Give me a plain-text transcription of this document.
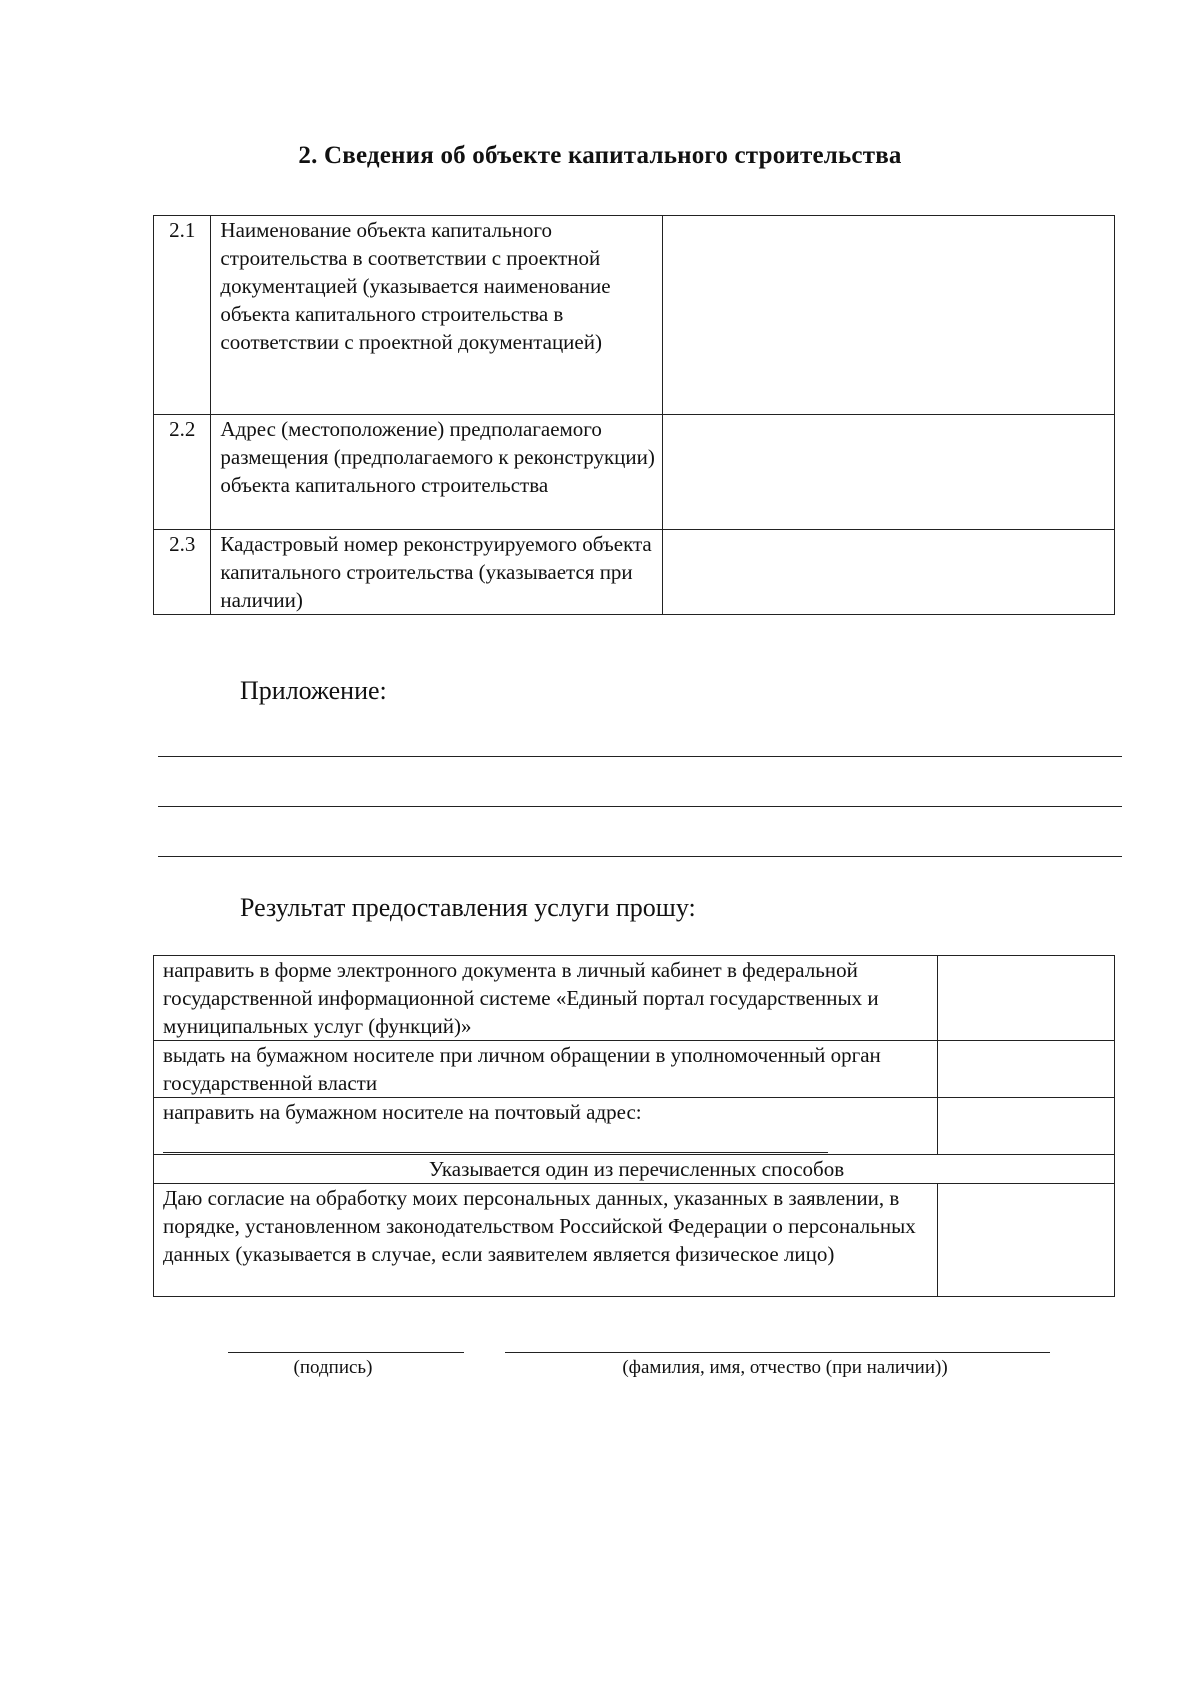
2. Сведения об объекте капитального строительства
2.1	Наименование объекта капитального строительства в соответствии с проектной документацией (указывается наименование объекта капитального строительства в соответствии с проектной документацией)	
2.2	Адрес (местоположение) предполагаемого размещения (предполагаемого к реконструкции) объекта капитального строительства	
2.3	Кадастровый номер реконструируемого объекта капитального строительства (указывается при наличии)	
Приложение:
Результат предоставления услуги прошу:
направить в форме электронного документа в личный кабинет в федеральной государственной информационной системе «Единый портал государственных и муниципальных услуг (функций)»	
выдать на бумажном носителе при личном обращении в уполномоченный орган государственной власти	
направить на бумажном носителе на почтовый адрес:

Указывается один из перечисленных способов	
Даю согласие на обработку моих персональных данных, указанных в заявлении, в порядке, установленном законодательством Российской Федерации о персональных данных (указывается в случае, если заявителем является физическое лицо)	
(подпись)	(фамилия, имя, отчество (при наличии))
